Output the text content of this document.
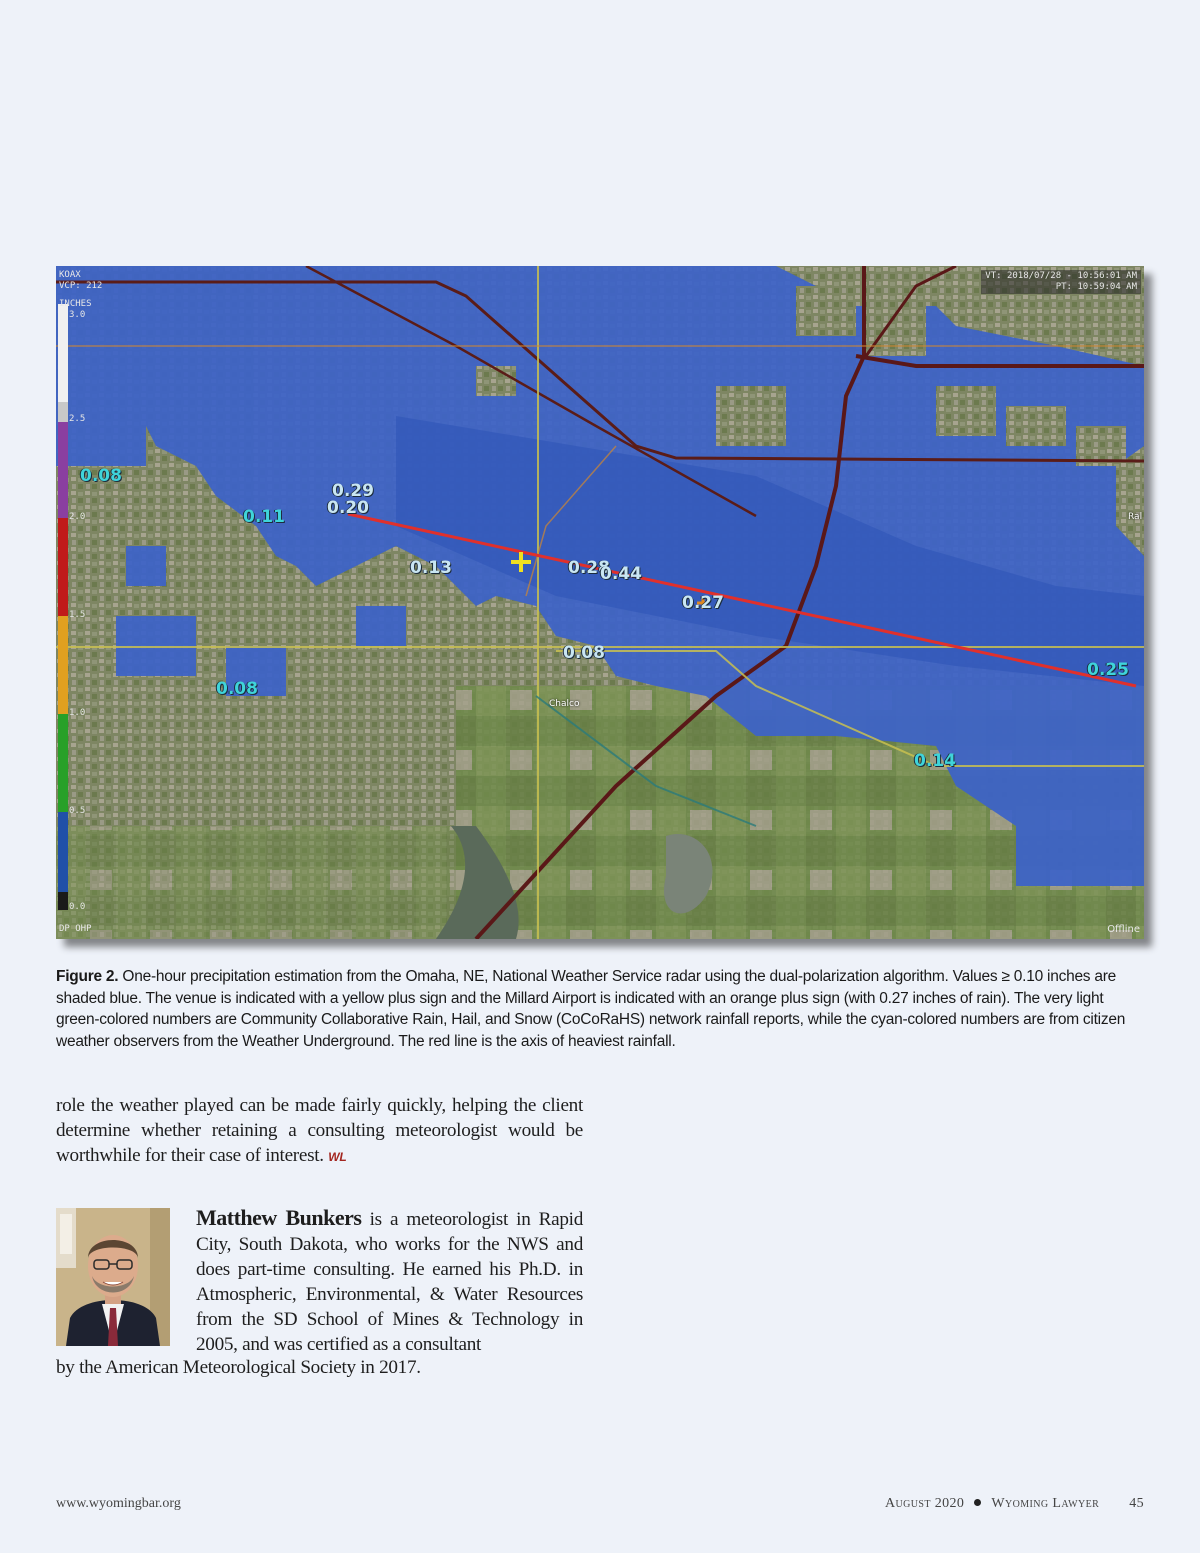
INCHES
3.0
2.5
2.0
1.5
1.0
0.5
0.0
KOAX
VCP: 212
VT: 2018/07/28 - 10:56:01 AM
PT: 10:59:04 AM
DP OHP	Offline
Chalco
Ral
0.08
0.11
0.29
0.20
0.13	0.28
0.44
0.27
0.08
0.08
0.25
0.14
Figure 2. One-hour precipitation estimation from the Omaha, NE, National Weather Service radar using the dual-polarization algorithm. Values ≥ 0.10 inches are shaded blue. The venue is indicated with a yellow plus sign and the Millard Airport is indicated with an orange plus sign (with 0.27 inches of rain). The very light green-colored numbers are Community Collaborative Rain, Hail, and Snow (CoCoRaHS) network rainfall reports, while the cyan-colored numbers are from citizen weather observers from the Weather Underground. The red line is the axis of heaviest rainfall.
role the weather played can be made fairly quickly, helping the client determine whether retaining a consulting meteorologist would be worthwhile for their case of interest. WL
Matthew Bunkers is a meteorologist in Rapid City, South Dakota, who works for the NWS and does part-time consulting. He earned his Ph.D. in Atmospheric, Environmental, & Water Resources from the SD School of Mines & Technology in 2005, and was certified as a consultant
by the American Meteorological Society in 2017.
www.wyomingbar.org	August 2020 Wyoming Lawyer 45
